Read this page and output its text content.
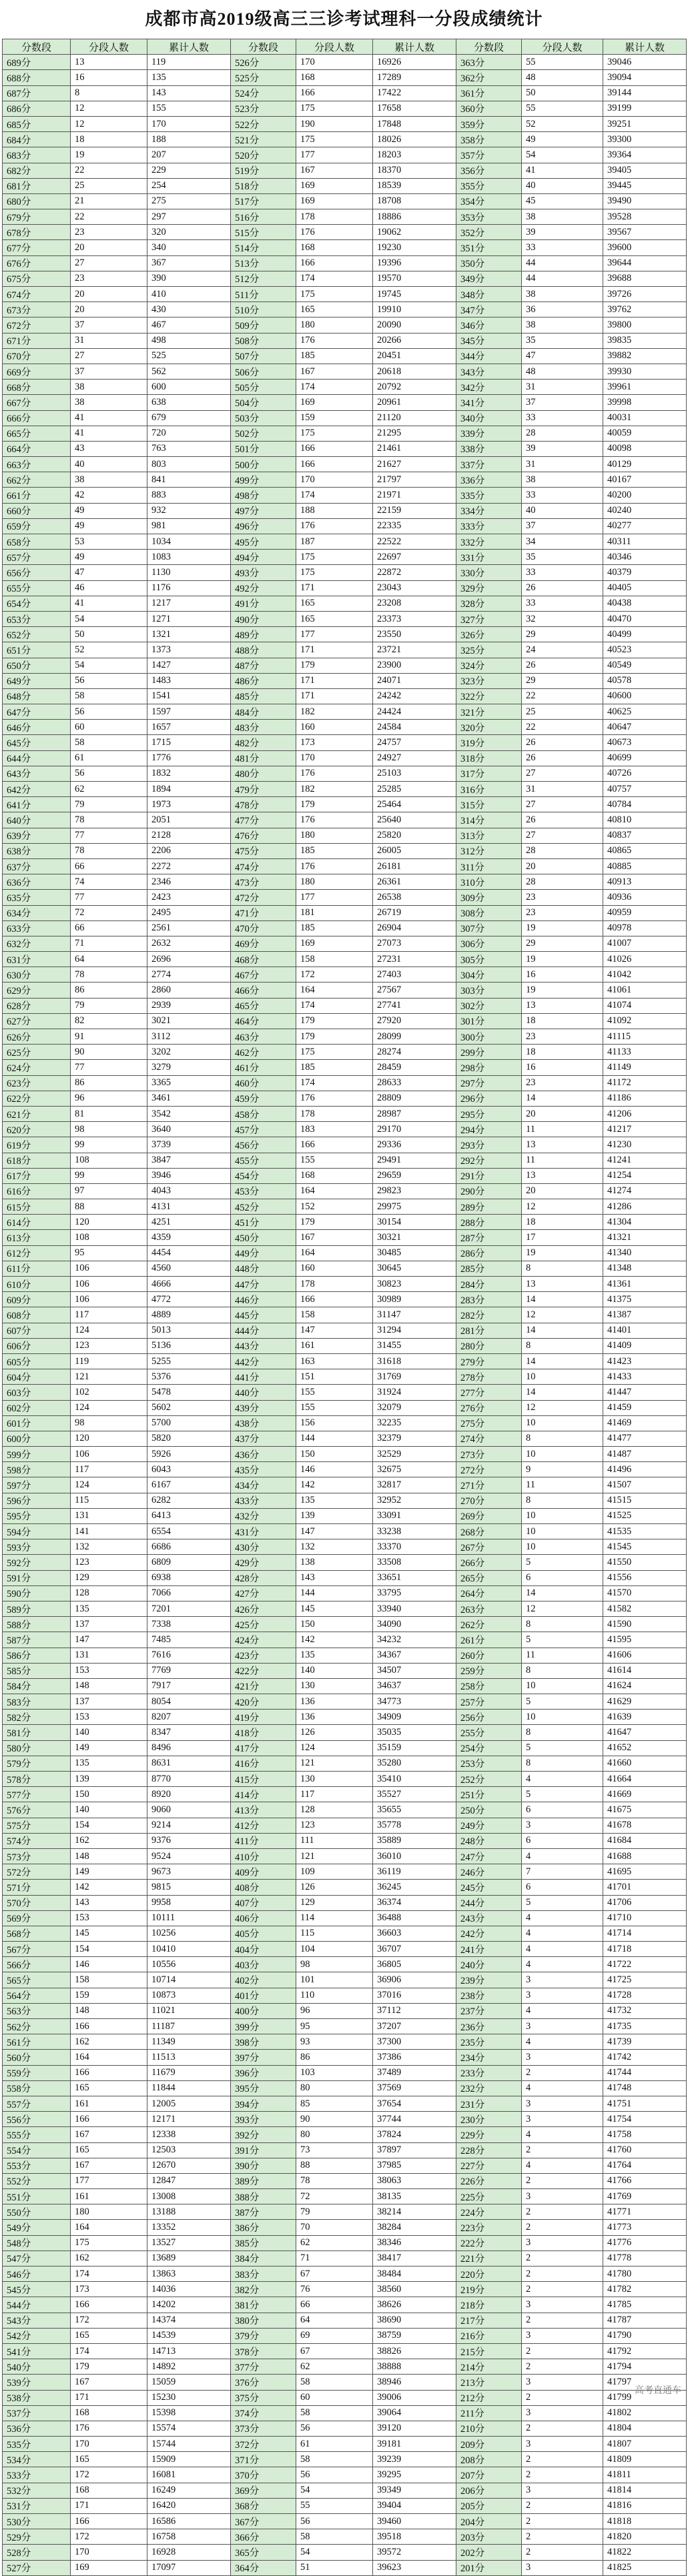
成都市高2019级高三三诊考试理科一分段成绩统计
分数段	分段人数	累计人数	分数段	分段人数	累计人数	分数段	分段人数	累计人数
689分	13	119	526分	170	16926	363分	55	39046
688分	16	135	525分	168	17289	362分	48	39094
687分	8	143	524分	166	17422	361分	50	39144
686分	12	155	523分	175	17658	360分	55	39199
685分	12	170	522分	190	17848	359分	52	39251
684分	18	188	521分	175	18026	358分	49	39300
683分	19	207	520分	177	18203	357分	54	39364
682分	22	229	519分	167	18370	356分	41	39405
681分	25	254	518分	169	18539	355分	40	39445
680分	21	275	517分	169	18708	354分	45	39490
679分	22	297	516分	178	18886	353分	38	39528
678分	23	320	515分	176	19062	352分	39	39567
677分	20	340	514分	168	19230	351分	33	39600
676分	27	367	513分	166	19396	350分	44	39644
675分	23	390	512分	174	19570	349分	44	39688
674分	20	410	511分	175	19745	348分	38	39726
673分	20	430	510分	165	19910	347分	36	39762
672分	37	467	509分	180	20090	346分	38	39800
671分	31	498	508分	176	20266	345分	35	39835
670分	27	525	507分	185	20451	344分	47	39882
669分	37	562	506分	167	20618	343分	48	39930
668分	38	600	505分	174	20792	342分	31	39961
667分	38	638	504分	169	20961	341分	37	39998
666分	41	679	503分	159	21120	340分	33	40031
665分	41	720	502分	175	21295	339分	28	40059
664分	43	763	501分	166	21461	338分	39	40098
663分	40	803	500分	166	21627	337分	31	40129
662分	38	841	499分	170	21797	336分	38	40167
661分	42	883	498分	174	21971	335分	33	40200
660分	49	932	497分	188	22159	334分	40	40240
659分	49	981	496分	176	22335	333分	37	40277
658分	53	1034	495分	187	22522	332分	34	40311
657分	49	1083	494分	175	22697	331分	35	40346
656分	47	1130	493分	175	22872	330分	33	40379
655分	46	1176	492分	171	23043	329分	26	40405
654分	41	1217	491分	165	23208	328分	33	40438
653分	54	1271	490分	165	23373	327分	32	40470
652分	50	1321	489分	177	23550	326分	29	40499
651分	52	1373	488分	171	23721	325分	24	40523
650分	54	1427	487分	179	23900	324分	26	40549
649分	56	1483	486分	171	24071	323分	29	40578
648分	58	1541	485分	171	24242	322分	22	40600
647分	56	1597	484分	182	24424	321分	25	40625
646分	60	1657	483分	160	24584	320分	22	40647
645分	58	1715	482分	173	24757	319分	26	40673
644分	61	1776	481分	170	24927	318分	26	40699
643分	56	1832	480分	176	25103	317分	27	40726
642分	62	1894	479分	182	25285	316分	31	40757
641分	79	1973	478分	179	25464	315分	27	40784
640分	78	2051	477分	176	25640	314分	26	40810
639分	77	2128	476分	180	25820	313分	27	40837
638分	78	2206	475分	185	26005	312分	28	40865
637分	66	2272	474分	176	26181	311分	20	40885
636分	74	2346	473分	180	26361	310分	28	40913
635分	77	2423	472分	177	26538	309分	23	40936
634分	72	2495	471分	181	26719	308分	23	40959
633分	66	2561	470分	185	26904	307分	19	40978
632分	71	2632	469分	169	27073	306分	29	41007
631分	64	2696	468分	158	27231	305分	19	41026
630分	78	2774	467分	172	27403	304分	16	41042
629分	86	2860	466分	164	27567	303分	19	41061
628分	79	2939	465分	174	27741	302分	13	41074
627分	82	3021	464分	179	27920	301分	18	41092
626分	91	3112	463分	179	28099	300分	23	41115
625分	90	3202	462分	175	28274	299分	18	41133
624分	77	3279	461分	185	28459	298分	16	41149
623分	86	3365	460分	174	28633	297分	23	41172
622分	96	3461	459分	176	28809	296分	14	41186
621分	81	3542	458分	178	28987	295分	20	41206
620分	98	3640	457分	183	29170	294分	11	41217
619分	99	3739	456分	166	29336	293分	13	41230
618分	108	3847	455分	155	29491	292分	11	41241
617分	99	3946	454分	168	29659	291分	13	41254
616分	97	4043	453分	164	29823	290分	20	41274
615分	88	4131	452分	152	29975	289分	12	41286
614分	120	4251	451分	179	30154	288分	18	41304
613分	108	4359	450分	167	30321	287分	17	41321
612分	95	4454	449分	164	30485	286分	19	41340
611分	106	4560	448分	160	30645	285分	8	41348
610分	106	4666	447分	178	30823	284分	13	41361
609分	106	4772	446分	166	30989	283分	14	41375
608分	117	4889	445分	158	31147	282分	12	41387
607分	124	5013	444分	147	31294	281分	14	41401
606分	123	5136	443分	161	31455	280分	8	41409
605分	119	5255	442分	163	31618	279分	14	41423
604分	121	5376	441分	151	31769	278分	10	41433
603分	102	5478	440分	155	31924	277分	14	41447
602分	124	5602	439分	155	32079	276分	12	41459
601分	98	5700	438分	156	32235	275分	10	41469
600分	120	5820	437分	144	32379	274分	8	41477
599分	106	5926	436分	150	32529	273分	10	41487
598分	117	6043	435分	146	32675	272分	9	41496
597分	124	6167	434分	142	32817	271分	11	41507
596分	115	6282	433分	135	32952	270分	8	41515
595分	131	6413	432分	139	33091	269分	10	41525
594分	141	6554	431分	147	33238	268分	10	41535
593分	132	6686	430分	132	33370	267分	10	41545
592分	123	6809	429分	138	33508	266分	5	41550
591分	129	6938	428分	143	33651	265分	6	41556
590分	128	7066	427分	144	33795	264分	14	41570
589分	135	7201	426分	145	33940	263分	12	41582
588分	137	7338	425分	150	34090	262分	8	41590
587分	147	7485	424分	142	34232	261分	5	41595
586分	131	7616	423分	135	34367	260分	11	41606
585分	153	7769	422分	140	34507	259分	8	41614
584分	148	7917	421分	130	34637	258分	10	41624
583分	137	8054	420分	136	34773	257分	5	41629
582分	153	8207	419分	136	34909	256分	10	41639
581分	140	8347	418分	126	35035	255分	8	41647
580分	149	8496	417分	124	35159	254分	5	41652
579分	135	8631	416分	121	35280	253分	8	41660
578分	139	8770	415分	130	35410	252分	4	41664
577分	150	8920	414分	117	35527	251分	5	41669
576分	140	9060	413分	128	35655	250分	6	41675
575分	154	9214	412分	123	35778	249分	3	41678
574分	162	9376	411分	111	35889	248分	6	41684
573分	148	9524	410分	121	36010	247分	4	41688
572分	149	9673	409分	109	36119	246分	7	41695
571分	142	9815	408分	126	36245	245分	6	41701
570分	143	9958	407分	129	36374	244分	5	41706
569分	153	10111	406分	114	36488	243分	4	41710
568分	145	10256	405分	115	36603	242分	4	41714
567分	154	10410	404分	104	36707	241分	4	41718
566分	146	10556	403分	98	36805	240分	4	41722
565分	158	10714	402分	101	36906	239分	3	41725
564分	159	10873	401分	110	37016	238分	3	41728
563分	148	11021	400分	96	37112	237分	4	41732
562分	166	11187	399分	95	37207	236分	3	41735
561分	162	11349	398分	93	37300	235分	4	41739
560分	164	11513	397分	86	37386	234分	3	41742
559分	166	11679	396分	103	37489	233分	2	41744
558分	165	11844	395分	80	37569	232分	4	41748
557分	161	12005	394分	85	37654	231分	3	41751
556分	166	12171	393分	90	37744	230分	3	41754
555分	167	12338	392分	80	37824	229分	4	41758
554分	165	12503	391分	73	37897	228分	2	41760
553分	167	12670	390分	88	37985	227分	4	41764
552分	177	12847	389分	78	38063	226分	2	41766
551分	161	13008	388分	72	38135	225分	3	41769
550分	180	13188	387分	79	38214	224分	2	41771
549分	164	13352	386分	70	38284	223分	2	41773
548分	175	13527	385分	62	38346	222分	3	41776
547分	162	13689	384分	71	38417	221分	2	41778
546分	174	13863	383分	67	38484	220分	2	41780
545分	173	14036	382分	76	38560	219分	2	41782
544分	166	14202	381分	66	38626	218分	3	41785
543分	172	14374	380分	64	38690	217分	2	41787
542分	165	14539	379分	69	38759	216分	3	41790
541分	174	14713	378分	67	38826	215分	2	41792
540分	179	14892	377分	62	38888	214分	2	41794
539分	167	15059	376分	58	38946	213分	3	41797
538分	171	15230	375分	60	39006	212分	2	41799
537分	168	15398	374分	58	39064	211分	3	41802
536分	176	15574	373分	56	39120	210分	2	41804
535分	170	15744	372分	61	39181	209分	3	41807
534分	165	15909	371分	58	39239	208分	2	41809
533分	172	16081	370分	56	39295	207分	2	41811
532分	168	16249	369分	54	39349	206分	3	41814
531分	171	16420	368分	55	39404	205分	2	41816
530分	166	16586	367分	56	39460	204分	2	41818
529分	172	16758	366分	58	39518	203分	2	41820
528分	170	16928	365分	54	39572	202分	2	41822
527分	169	17097	364分	51	39623	201分	3	41825
高考直通车
